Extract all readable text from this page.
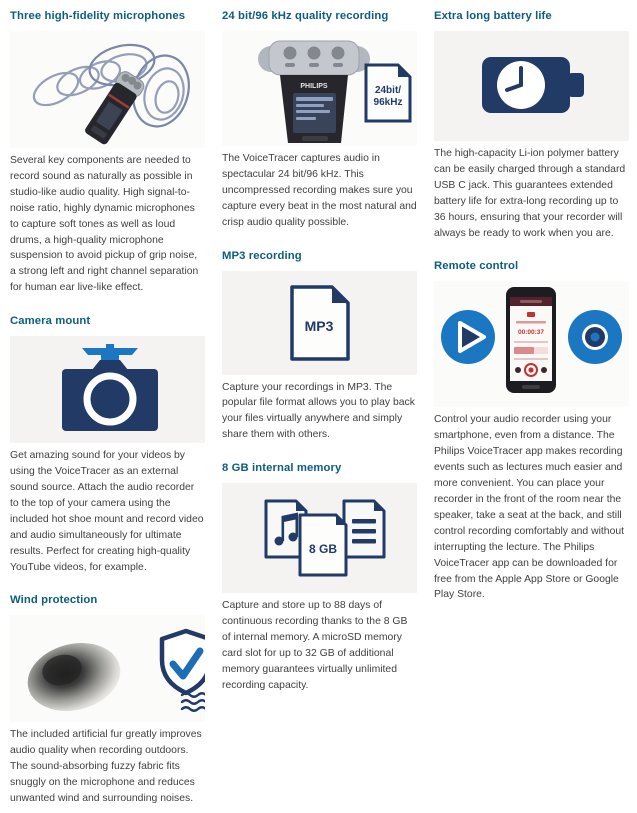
Three high-fidelity microphones

Several key components are needed to record sound as naturally as possible in studio-like audio quality. High signal-to-noise ratio, highly dynamic microphones to capture soft tones as well as loud drums, a high-quality microphone suspension to avoid pickup of grip noise, a strong left and right channel separation for human ear live-like effect.

Camera mount

Get amazing sound for your videos by using the VoiceTracer as an external sound source. Attach the audio recorder to the top of your camera using the included hot shoe mount and record video and audio simultaneously for ultimate results. Perfect for creating high-quality YouTube videos, for example.

Wind protection

The included artificial fur greatly improves audio quality when recording outdoors. The sound-absorbing fuzzy fabric fits snuggly on the microphone and reduces unwanted wind and surrounding noises.

24 bit/96 kHz quality recording
PHILIPS	24bit/
96kHz

The VoiceTracer captures audio in spectacular 24 bit/96 kHz. This uncompressed recording makes sure you capture every beat in the most natural and crisp audio quality possible.

MP3 recording
MP3

Capture your recordings in MP3. The popular file format allows you to play back your files virtually anywhere and simply share them with others.

8 GB internal memory
8 GB

Capture and store up to 88 days of continuous recording thanks to the 8 GB of internal memory. A microSD memory card slot for up to 32 GB of additional memory guarantees virtually unlimited recording capacity.

Extra long battery life

The high-capacity Li-ion polymer battery can be easily charged through a standard USB C jack. This guarantees extended battery life for extra-long recording up to 36 hours, ensuring that your recorder will always be ready to work when you are.

Remote control
00:00:37

Control your audio recorder using your smartphone, even from a distance. The Philips VoiceTracer app makes recording events such as lectures much easier and more convenient. You can place your recorder in the front of the room near the speaker, take a seat at the back, and still control recording comfortably and without interrupting the lecture. The Philips VoiceTracer app can be downloaded for free from the Apple App Store or Google Play Store.
